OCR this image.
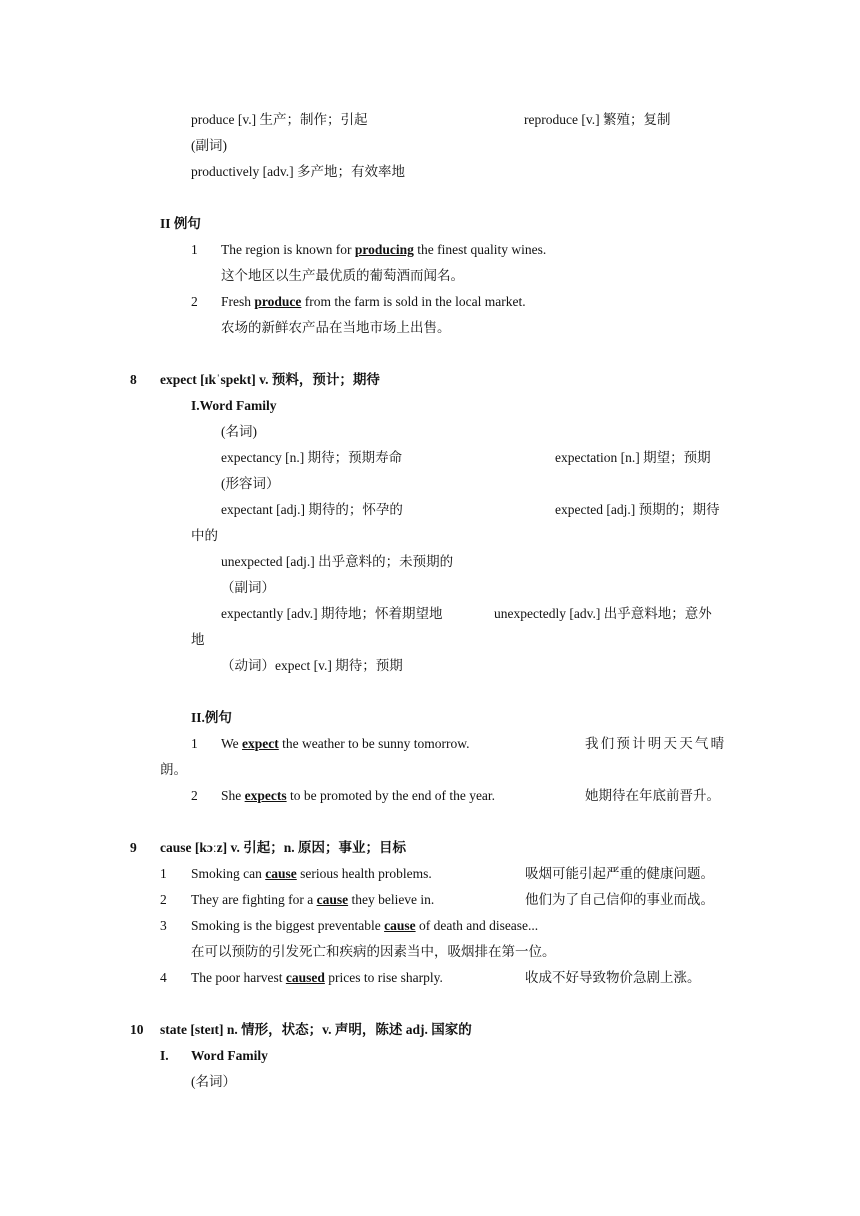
produce [v.] 生产；制作；引起	reproduce [v.] 繁殖；复制
(副词)
productively [adv.] 多产地；有效率地
II 例句
1 The region is known for producing the finest quality wines.
这个地区以生产最优质的葡萄酒而闻名。
2 Fresh produce from the farm is sold in the local market.
农场的新鲜农产品在当地市场上出售。
8 expect [ɪkˈspekt] v. 预料，预计；期待
I.Word Family
(名词)
expectancy [n.] 期待；预期寿命	expectation [n.] 期望；预期
(形容词）
expectant [adj.] 期待的；怀孕的	expected [adj.] 预期的；期待
中的
unexpected [adj.] 出乎意料的；未预期的
（副词）
expectantly [adv.] 期待地；怀着期望地	unexpectedly [adv.] 出乎意料地；意外
地
（动词）expect [v.] 期待；预期
II.例句
1 We expect the weather to be sunny tomorrow.	我们预计明天天气晴
朗。
2 She expects to be promoted by the end of the year.	她期待在年底前晋升。
9 cause [kɔːz] v. 引起；n. 原因；事业；目标
1 Smoking can cause serious health problems.	吸烟可能引起严重的健康问题。
2 They are fighting for a cause they believe in.	他们为了自己信仰的事业而战。
3 Smoking is the biggest preventable cause of death and disease...
在可以预防的引发死亡和疾病的因素当中，吸烟排在第一位。
4 The poor harvest caused prices to rise sharply.	收成不好导致物价急剧上涨。
10 state [steɪt] n. 情形，状态；v. 声明，陈述 adj. 国家的
I. Word Family
(名词）
